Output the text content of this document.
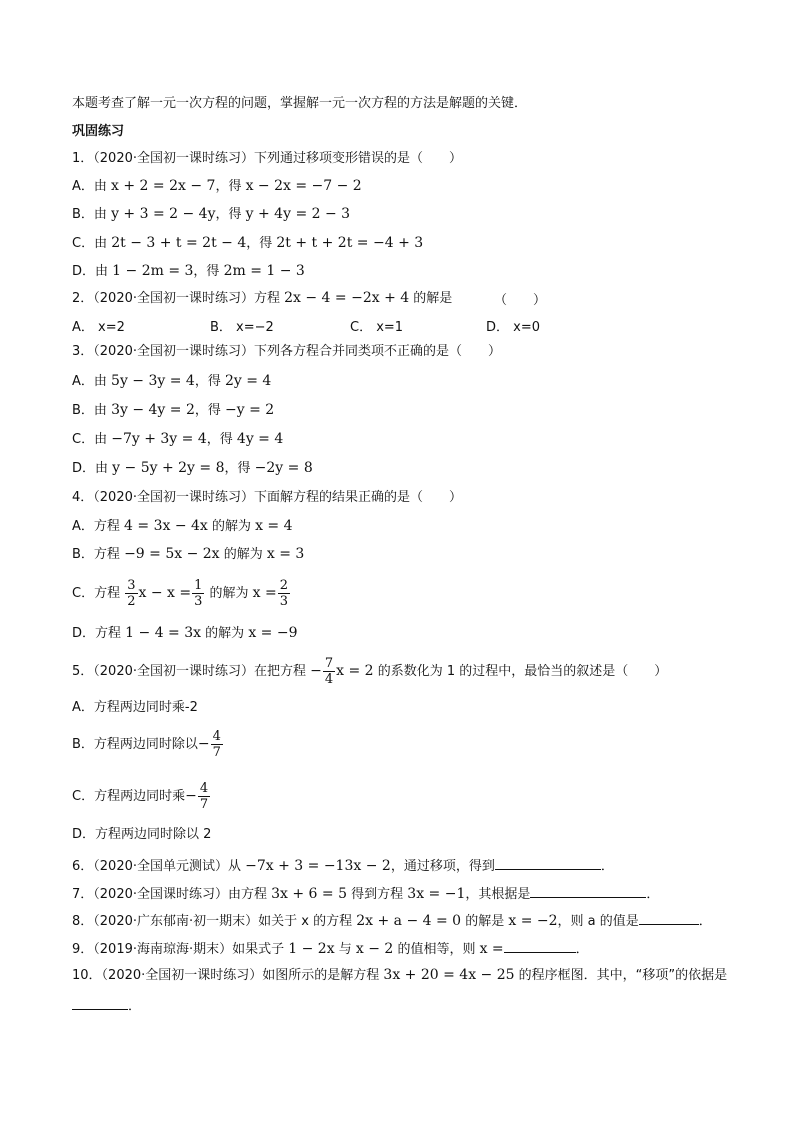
本题考查了解一元一次方程的问题，掌握解一元一次方程的方法是解题的关键．
巩固练习
1．（2020·全国初一课时练习）下列通过移项变形错误的是（　　）
A．由 x + 2 = 2x − 7，得 x − 2x = −7 − 2
B．由 y + 3 = 2 − 4y，得 y + 4y = 2 − 3
C．由 2t − 3 + t = 2t − 4，得 2t + t + 2t = −4 + 3
D．由 1 − 2m = 3，得 2m = 1 − 3
2．（2020·全国初一课时练习）方程 2x − 4 = −2x + 4 的解是	（　　）
A． x=2	B． x=−2	C． x=1	D． x=0
3．（2020·全国初一课时练习）下列各方程合并同类项不正确的是（　　）
A．由 5y − 3y = 4，得 2y = 4
B．由 3y − 4y = 2，得 −y = 2
C．由 −7y + 3y = 4，得 4y = 4
D．由 y − 5y + 2y = 8，得 −2y = 8
4．（2020·全国初一课时练习）下面解方程的结果正确的是（　　）
A．方程 4 = 3x − 4x 的解为 x = 4
B．方程 −9 = 5x − 2x 的解为 x = 3
C．方程 $\frac{3}{2}$ $x - x = \frac{1}{3}$ 的解为 $x = \frac{2}{3}$
D．方程 1 − 4 = 3x 的解为 x = −9
5．（2020·全国初一课时练习）在把方程 − $\frac{7}{4}$ x = 2 的系数化为 1 的过程中，最恰当的叙述是（　　）
A．方程两边同时乘-2
B．方程两边同时除以− $\frac{4}{7}$
C．方程两边同时乘− $\frac{4}{7}$
D．方程两边同时除以 2
6．（2020·全国单元测试）从 −7x + 3 = −13x − 2，通过移项，得到	．
7．（2020·全国课时练习）由方程 3x + 6 = 5 得到方程 3x = −1，其根据是	．
8．（2020·广东郁南·初一期末）如关于 x 的方程 2x + a − 4 = 0 的解是 x = −2，则 a 的值是	．
9．（2019·海南琼海·期末）如果式子 1 − 2x 与 x − 2 的值相等，则 x =	．
10．（2020·全国初一课时练习）如图所示的是解方程 3x + 20 = 4x − 25 的程序框图．其中，“移项”的依据是
．
